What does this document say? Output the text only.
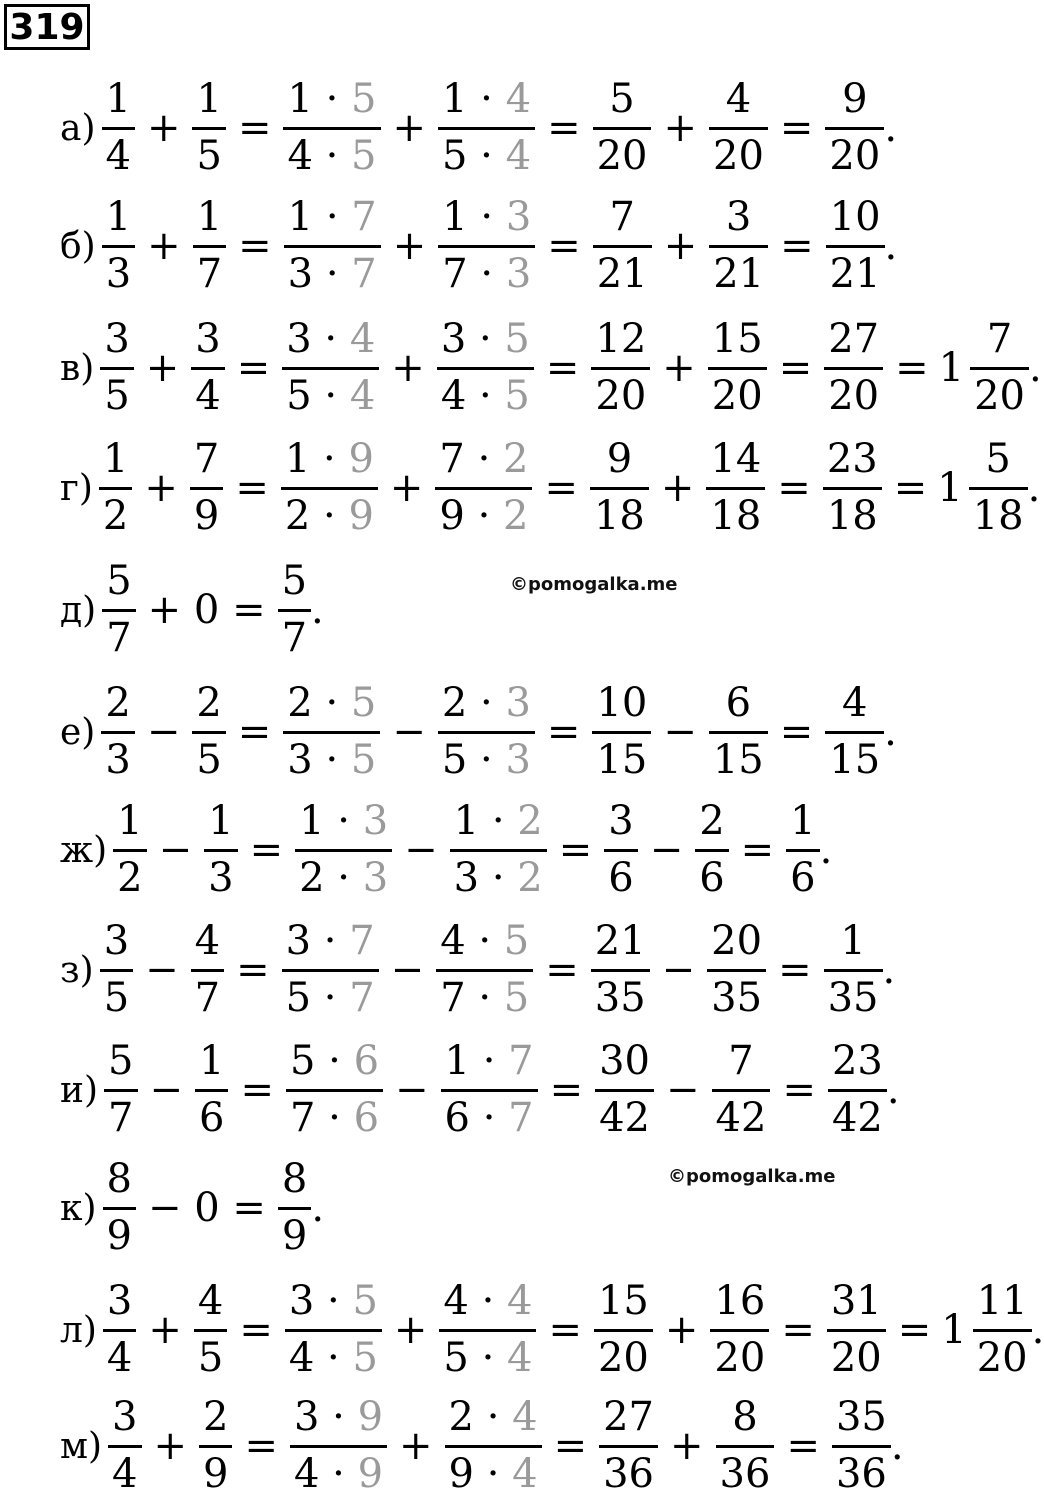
319
$а) \frac{1}{4} + \frac{1}{5} = \frac{1 \cdot 5}{4 \cdot 5} + \frac{1 \cdot 4}{5 \cdot 4} = \frac{5}{20} + \frac{4}{20} = \frac{9}{20}$ .
$б) \frac{1}{3} + \frac{1}{7} = \frac{1 \cdot 7}{3 \cdot 7} + \frac{1 \cdot 3}{7 \cdot 3} = \frac{7}{21} + \frac{3}{21} = \frac{10}{21}$ .
$в) \frac{3}{5} + \frac{3}{4} = \frac{3 \cdot 4}{5 \cdot 4} + \frac{3 \cdot 5}{4 \cdot 5} = \frac{12}{20} + \frac{15}{20} = \frac{27}{20} = 1 \frac{7}{20}$ .
$г) \frac{1}{2} + \frac{7}{9} = \frac{1 \cdot 9}{2 \cdot 9} + \frac{7 \cdot 2}{9 \cdot 2} = \frac{9}{18} + \frac{14}{18} = \frac{23}{18} = 1 \frac{5}{18}$ .
$д) \frac{5}{7} + 0 = \frac{5}{7}$ .
$е) \frac{2}{3} - \frac{2}{5} = \frac{2 \cdot 5}{3 \cdot 5} - \frac{2 \cdot 3}{5 \cdot 3} = \frac{10}{15} - \frac{6}{15} = \frac{4}{15}$ .
$ж) \frac{1}{2} - \frac{1}{3} = \frac{1 \cdot 3}{2 \cdot 3} - \frac{1 \cdot 2}{3 \cdot 2} = \frac{3}{6} - \frac{2}{6} = \frac{1}{6}$ .
$з) \frac{3}{5} - \frac{4}{7} = \frac{3 \cdot 7}{5 \cdot 7} - \frac{4 \cdot 5}{7 \cdot 5} = \frac{21}{35} - \frac{20}{35} = \frac{1}{35}$ .
$и) \frac{5}{7} - \frac{1}{6} = \frac{5 \cdot 6}{7 \cdot 6} - \frac{1 \cdot 7}{6 \cdot 7} = \frac{30}{42} - \frac{7}{42} = \frac{23}{42}$ .
$к) \frac{8}{9} - 0 = \frac{8}{9}$ .
$л) \frac{3}{4} + \frac{4}{5} = \frac{3 \cdot 5}{4 \cdot 5} + \frac{4 \cdot 4}{5 \cdot 4} = \frac{15}{20} + \frac{16}{20} = \frac{31}{20} = 1 \frac{11}{20}$ .
$м) \frac{3}{4} + \frac{2}{9} = \frac{3 \cdot 9}{4 \cdot 9} + \frac{2 \cdot 4}{9 \cdot 4} = \frac{27}{36} + \frac{8}{36} = \frac{35}{36}$ .
©pomogalka.me
©pomogalka.me
